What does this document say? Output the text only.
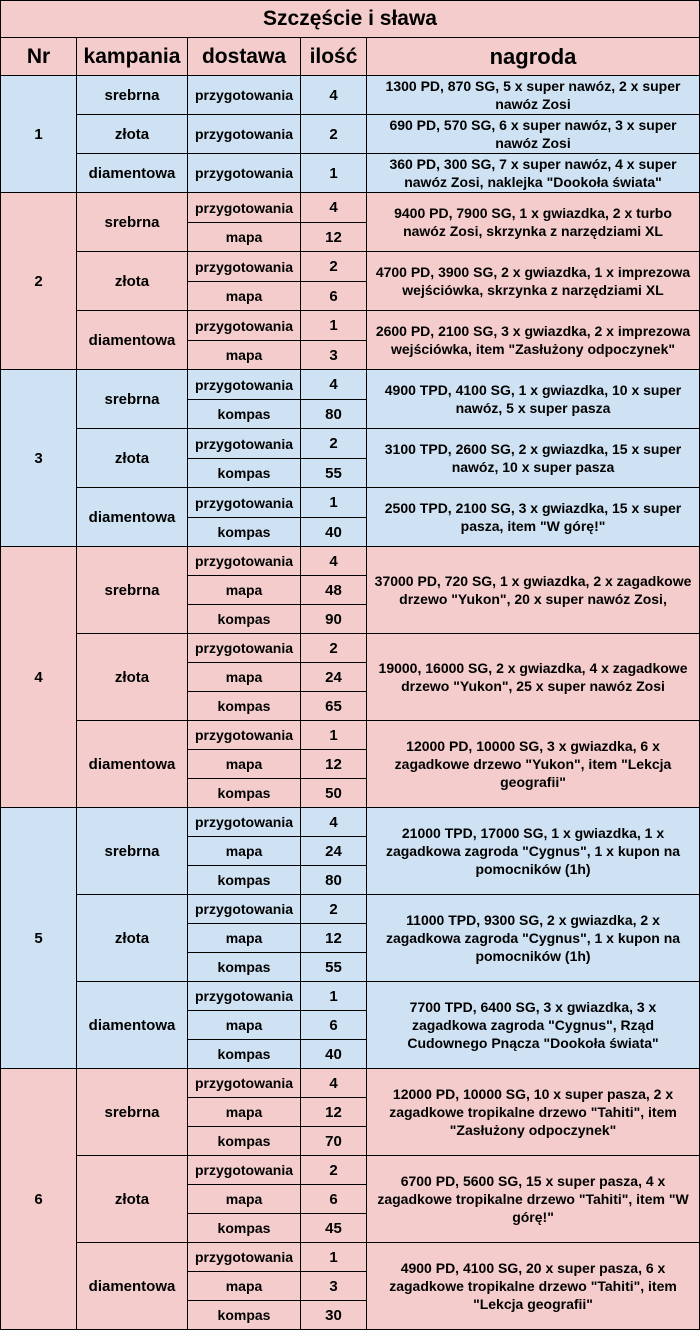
Szczęście i sława				
Nr	kampania	dostawa	ilość	nagroda
1	srebrna	przygotowania	4	1300 PD, 870 SG, 5 x super nawóz, 2 x super nawóz Zosi
	złota	przygotowania	2	690 PD, 570 SG, 6 x super nawóz, 3 x super nawóz Zosi
	diamentowa	przygotowania	1	360 PD, 300 SG, 7 x super nawóz, 4 x super nawóz Zosi, naklejka "Dookoła świata"
2	srebrna	przygotowania	4	9400 PD, 7900 SG, 1 x gwiazdka, 2 x turbo nawóz Zosi, skrzynka z narzędziami XL
		mapa	12	
	złota	przygotowania	2	4700 PD, 3900 SG, 2 x gwiazdka, 1 x imprezowa wejściówka, skrzynka z narzędziami XL
		mapa	6	
	diamentowa	przygotowania	1	2600 PD, 2100 SG, 3 x gwiazdka, 2 x imprezowa wejściówka, item "Zasłużony odpoczynek"
		mapa	3	
3	srebrna	przygotowania	4	4900 TPD, 4100 SG, 1 x gwiazdka, 10 x super nawóz, 5 x super pasza
		kompas	80	
	złota	przygotowania	2	3100 TPD, 2600 SG, 2 x gwiazdka, 15 x super nawóz, 10 x super pasza
		kompas	55	
	diamentowa	przygotowania	1	2500 TPD, 2100 SG, 3 x gwiazdka, 15 x super pasza, item "W górę!"
		kompas	40	
4	srebrna	przygotowania	4	37000 PD, 720 SG, 1 x gwiazdka, 2 x zagadkowe drzewo "Yukon", 20 x super nawóz Zosi,
		mapa	48	
		kompas	90	
	złota	przygotowania	2	19000, 16000 SG, 2 x gwiazdka, 4 x zagadkowe drzewo "Yukon", 25 x super nawóz Zosi
		mapa	24	
		kompas	65	
	diamentowa	przygotowania	1	12000 PD, 10000 SG, 3 x gwiazdka, 6 x zagadkowe drzewo "Yukon", item "Lekcja geografii"
		mapa	12	
		kompas	50	
5	srebrna	przygotowania	4	21000 TPD, 17000 SG, 1 x gwiazdka, 1 x zagadkowa zagroda "Cygnus", 1 x kupon na pomocników (1h)
		mapa	24	
		kompas	80	
	złota	przygotowania	2	11000 TPD, 9300 SG, 2 x gwiazdka, 2 x zagadkowa zagroda "Cygnus", 1 x kupon na pomocników (1h)
		mapa	12	
		kompas	55	
	diamentowa	przygotowania	1	7700 TPD, 6400 SG, 3 x gwiazdka, 3 x zagadkowa zagroda "Cygnus", Rząd Cudownego Pnącza "Dookoła świata"
		mapa	6	
		kompas	40	
6	srebrna	przygotowania	4	12000 PD, 10000 SG, 10 x super pasza, 2 x zagadkowe tropikalne drzewo "Tahiti", item "Zasłużony odpoczynek"
		mapa	12	
		kompas	70	
	złota	przygotowania	2	6700 PD, 5600 SG, 15 x super pasza, 4 x zagadkowe tropikalne drzewo "Tahiti", item "W górę!"
		mapa	6	
		kompas	45	
	diamentowa	przygotowania	1	4900 PD, 4100 SG, 20 x super pasza, 6 x zagadkowe tropikalne drzewo "Tahiti", item "Lekcja geografii"
		mapa	3	
		kompas	30	
